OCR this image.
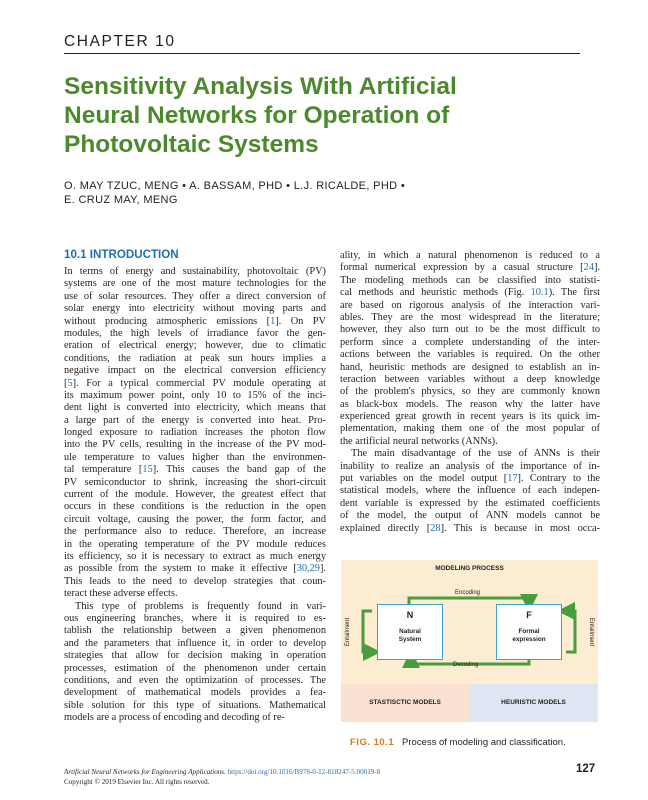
CHAPTER 10
Sensitivity Analysis With Artificial
Neural Networks for Operation of
Photovoltaic Systems
O. MAY TZUC, MENG • A. BASSAM, PHD • L.J. RICALDE, PHD •
E. CRUZ MAY, MENG
10.1 INTRODUCTION
In terms of energy and sustainability, photovoltaic (PV)
systems are one of the most mature technologies for the
use of solar resources. They offer a direct conversion of
solar energy into electricity without moving parts and
without producing atmospheric emissions [1]. On PV
modules, the high levels of irradiance favor the gen-
eration of electrical energy; however, due to climatic
conditions, the radiation at peak sun hours implies a
negative impact on the electrical conversion efficiency
[5]. For a typical commercial PV module operating at
its maximum power point, only 10 to 15% of the inci-
dent light is converted into electricity, which means that
a large part of the energy is converted into heat. Pro-
longed exposure to radiation increases the photon flow
into the PV cells, resulting in the increase of the PV mod-
ule temperature to values higher than the environmen-
tal temperature [15]. This causes the band gap of the
PV semiconductor to shrink, increasing the short-circuit
current of the module. However, the greatest effect that
occurs in these conditions is the reduction in the open
circuit voltage, causing the power, the form factor, and
the performance also to reduce. Therefore, an increase
in the operating temperature of the PV module reduces
its efficiency, so it is necessary to extract as much energy
as possible from the system to make it effective [30,29].
This leads to the need to develop strategies that coun-
teract these adverse effects.
This type of problems is frequently found in vari-
ous engineering branches, where it is required to es-
tablish the relationship between a given phenomenon
and the parameters that influence it, in order to develop
strategies that allow for decision making in operation
processes, estimation of the phenomenon under certain
conditions, and even the optimization of processes. The
development of mathematical models provides a fea-
sible solution for this type of situations. Mathematical
models are a process of encoding and decoding of re-
ality, in which a natural phenomenon is reduced to a
formal numerical expression by a casual structure [24].
The modeling methods can be classified into statisti-
cal methods and heuristic methods (Fig. 10.1). The first
are based on rigorous analysis of the interaction vari-
ables. They are the most widespread in the literature;
however, they also turn out to be the most difficult to
perform since a complete understanding of the inter-
actions between the variables is required. On the other
hand, heuristic methods are designed to establish an in-
teraction between variables without a deep knowledge
of the problem's physics, so they are commonly known
as black-box models. The reason why the latter have
experienced great growth in recent years is its quick im-
plementation, making them one of the most popular of
the artificial neural networks (ANNs).
The main disadvantage of the use of ANNs is their
inability to realize an analysis of the importance of in-
put variables on the model output [17]. Contrary to the
statistical models, where the influence of each indepen-
dent variable is expressed by the estimated coefficients
of the model, the output of ANN models cannot be
explained directly [28]. This is because in most occa-
MODELING PROCESS
Encoding
Decoding
Entailment	Entailment
N
Natural
System
F
Formal
expression
STASTISCTIC MODELS	HEURISTIC MODELS
FIG. 10.1 Process of modeling and classification.
Artificial Neural Networks for Engineering Applications. https://doi.org/10.1016/B978-0-12-818247-5.00019-8
Copyright © 2019 Elsevier Inc. All rights reserved.
127
